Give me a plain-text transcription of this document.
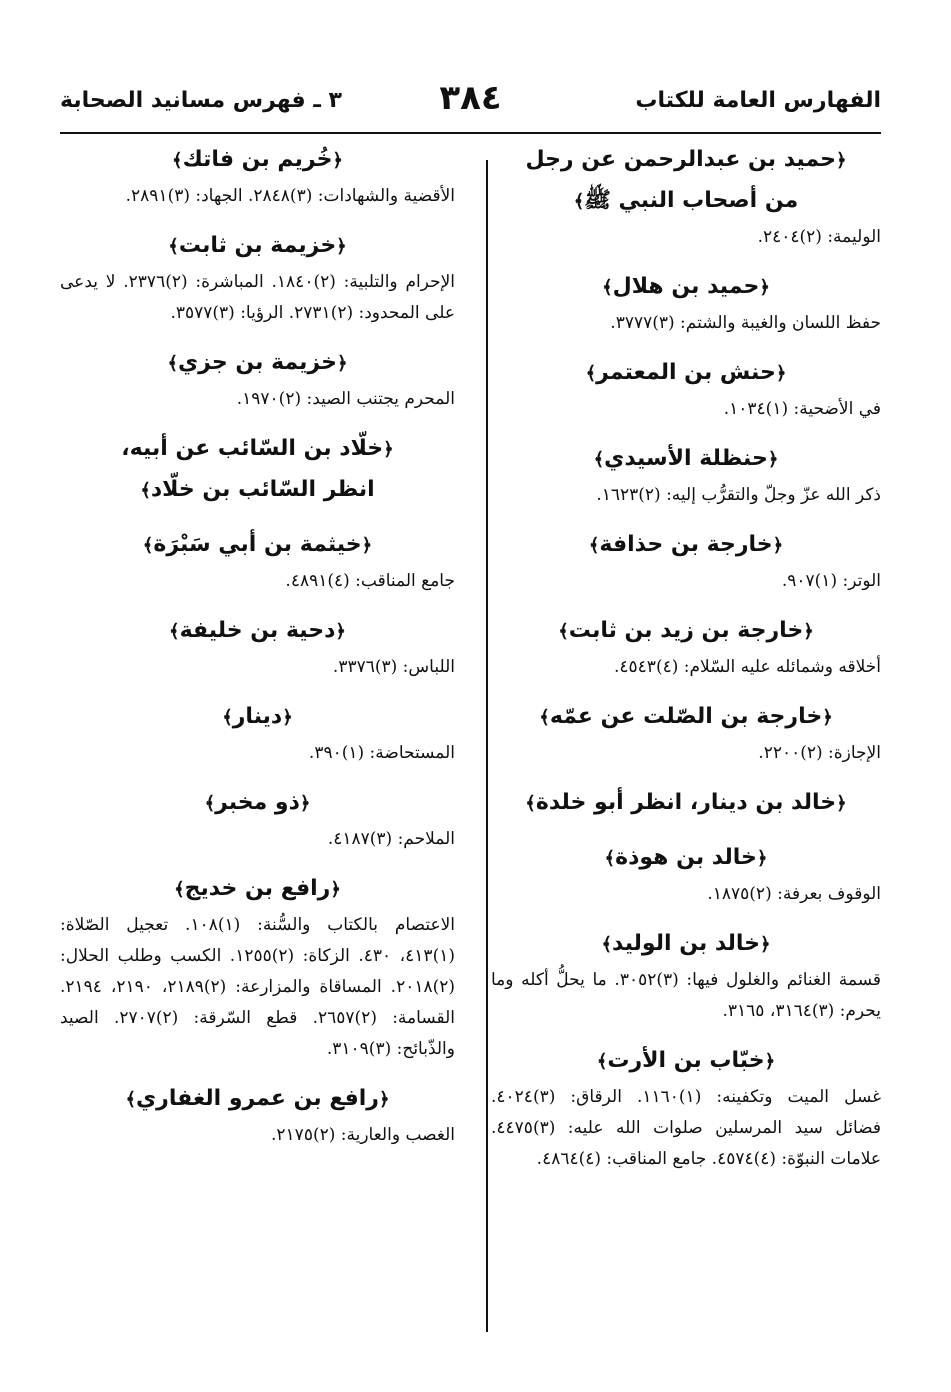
الفهارس العامة للكتاب
٣٨٤
٣ ـ فهرس مسانيد الصحابة
﴿حميد بن عبدالرحمن عن رجل
من أصحاب النبي ﷺ﴾
الوليمة: (٢)٢٤٠٤.
﴿حميد بن هلال﴾
حفظ اللسان والغيبة والشتم: (٣)٣٧٧٧.
﴿حنش بن المعتمر﴾
في الأضحية: (١)١٠٣٤.
﴿حنظلة الأسيدي﴾
ذكر الله عزّ وجلّ والتقرُّب إليه: (٢)١٦٢٣.
﴿خارجة بن حذافة﴾
الوتر: (١)٩٠٧.
﴿خارجة بن زيد بن ثابت﴾
أخلاقه وشمائله عليه السّلام: (٤)٤٥٤٣.
﴿خارجة بن الصّلت عن عمّه﴾
الإجازة: (٢)٢٢٠٠.
﴿خالد بن دينار، انظر أبو خلدة﴾
﴿خالد بن هوذة﴾
الوقوف بعرفة: (٢)١٨٧٥.
﴿خالد بن الوليد﴾
قسمة الغنائم والغلول فيها: (٣)٣٠٥٢. ما يحلُّ أكله وما يحرم: (٣)٣١٦٤، ٣١٦٥.
﴿خبّاب بن الأرت﴾
غسل الميت وتكفينه: (١)١١٦٠. الرقاق: (٣)٤٠٢٤. فضائل سيد المرسلين صلوات الله عليه: (٣)٤٤٧٥. علامات النبوّة: (٤)٤٥٧٤. جامع المناقب: (٤)٤٨٦٤.
﴿خُريم بن فاتك﴾
الأقضية والشهادات: (٣)٢٨٤٨. الجهاد: (٣)٢٨٩١.
﴿خزيمة بن ثابت﴾
الإحرام والتلبية: (٢)١٨٤٠. المباشرة: (٢)٢٣٧٦. لا يدعى على المحدود: (٢)٢٧٣١. الرؤيا: (٣)٣٥٧٧.
﴿خزيمة بن جزي﴾
المحرم يجتنب الصيد: (٢)١٩٧٠.
﴿خلّاد بن السّائب عن أبيه،
انظر السّائب بن خلّاد﴾
﴿خيثمة بن أبي سَبْرَة﴾
جامع المناقب: (٤)٤٨٩١.
﴿دحية بن خليفة﴾
اللباس: (٣)٣٣٧٦.
﴿دينار﴾
المستحاضة: (١)٣٩٠.
﴿ذو مخبر﴾
الملاحم: (٣)٤١٨٧.
﴿رافع بن خديج﴾
الاعتصام بالكتاب والسُّنة: (١)١٠٨. تعجيل الصّلاة: (١)٤١٣، ٤٣٠. الزكاة: (٢)١٢٥٥. الكسب وطلب الحلال: (٢)٢٠١٨. المساقاة والمزارعة: (٢)٢١٨٩، ٢١٩٠، ٢١٩٤. القسامة: (٢)٢٦٥٧. قطع السّرقة: (٢)٢٧٠٧. الصيد والذّبائح: (٣)٣١٠٩.
﴿رافع بن عمرو الغفاري﴾
الغصب والعارية: (٢)٢١٧٥.
